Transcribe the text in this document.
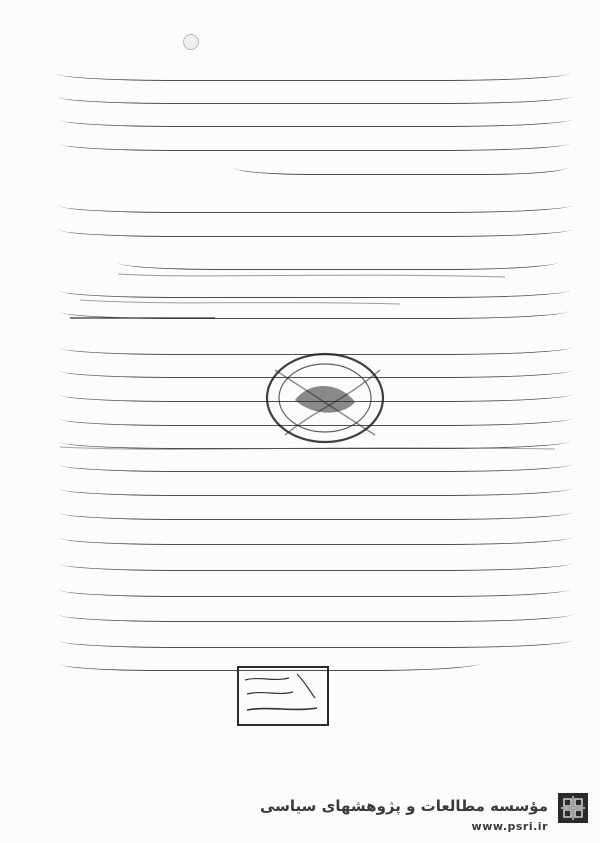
مؤسسه مطالعات و پژوهشهای سیاسی
www.psri.ir
